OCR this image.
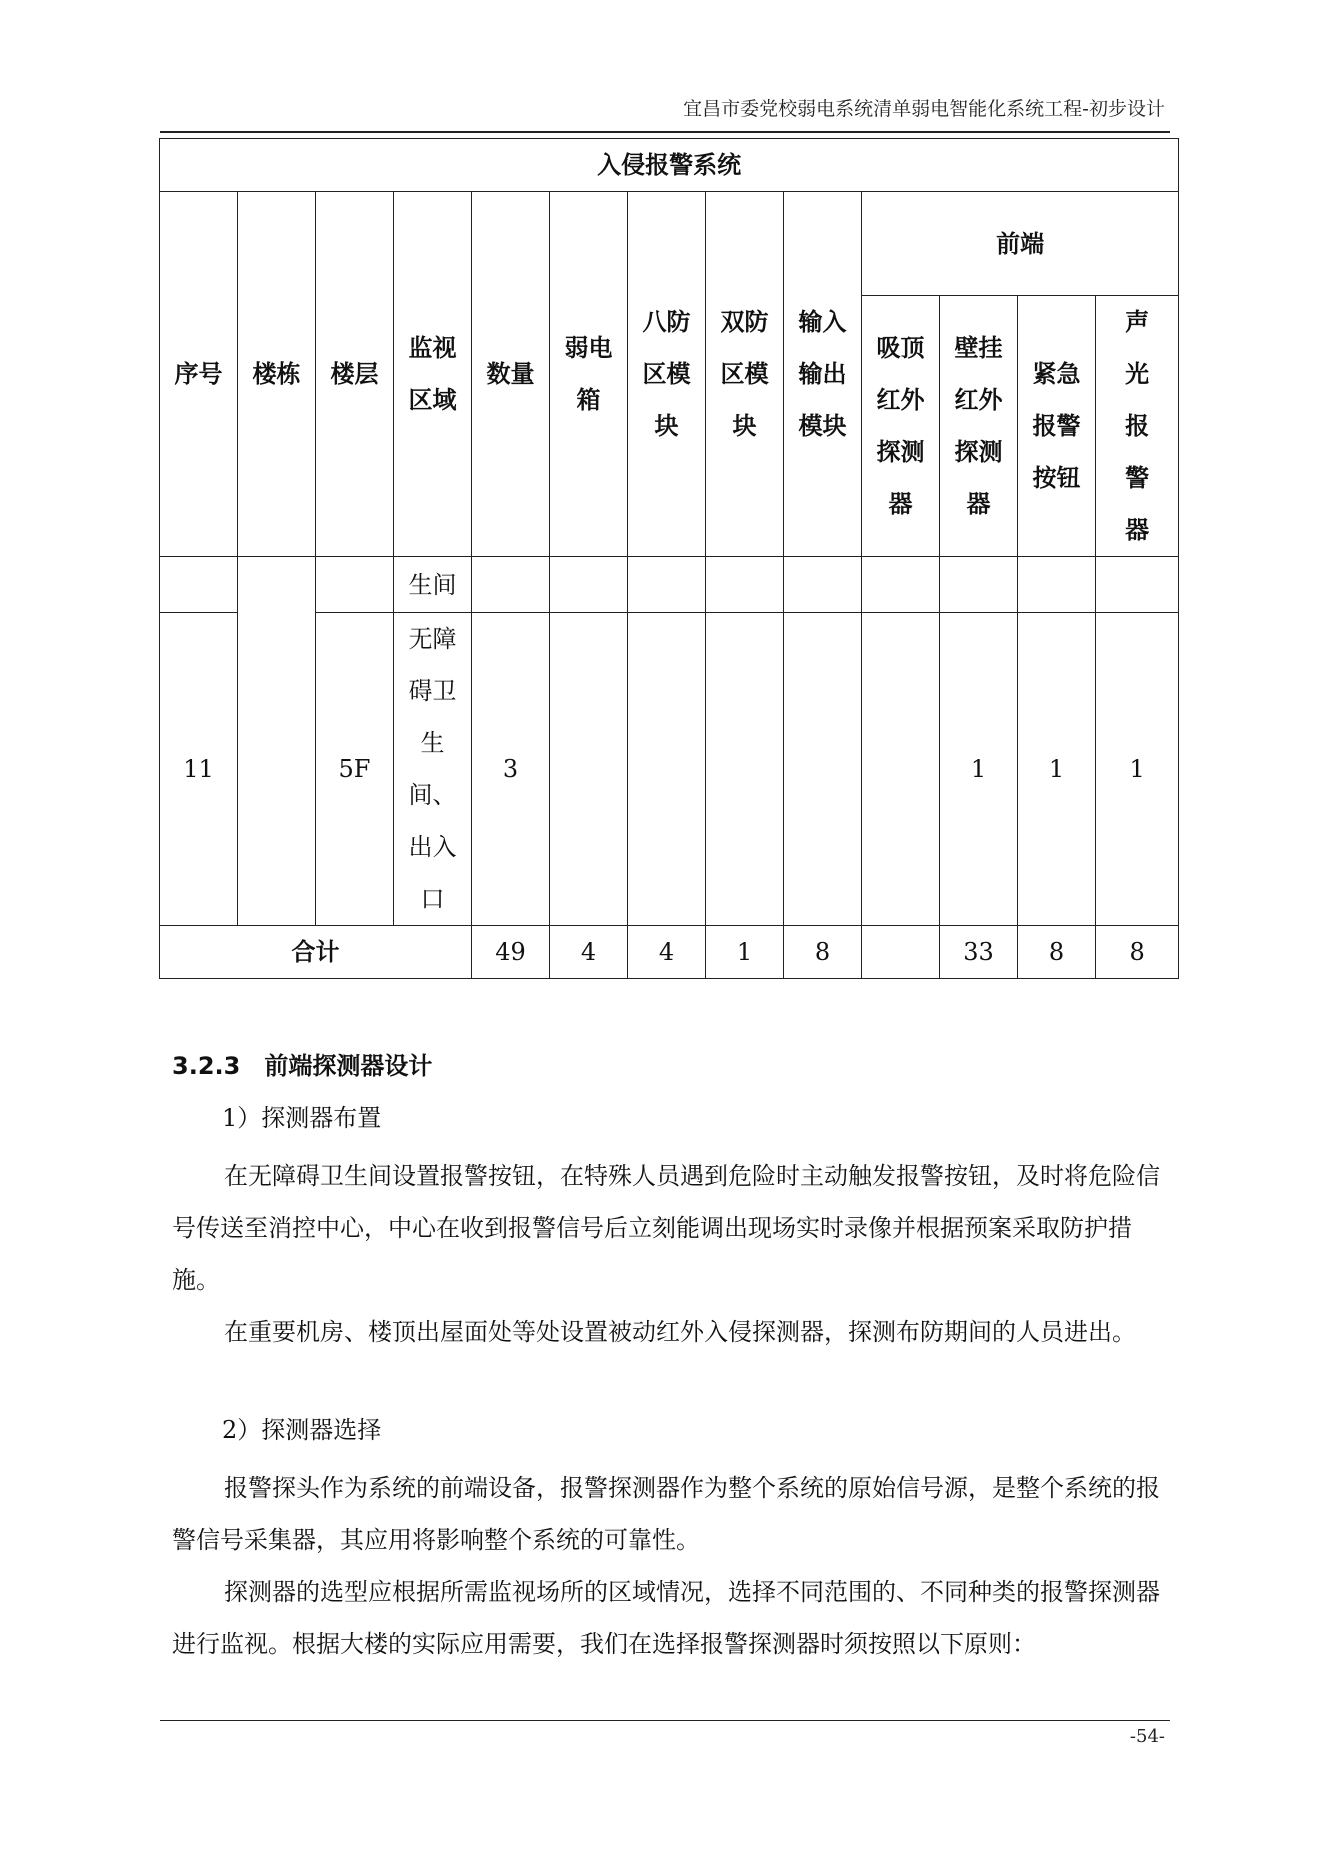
宜昌市委党校弱电系统清单弱电智能化系统工程-初步设计
入侵报警系统												
序号	楼栋	楼层	监视区域	数量	弱电箱	八防区模块	双防区模块	输入输出模块	前端			
									吸顶红外探测器	壁挂红外探测器	紧急报警按钮	声光报警器
			生间									
11		5F	无障碍卫生间、出入口	3						1	1	1
合计				49	4	4	1	8		33	8	8
3.2.3　前端探测器设计
1）探测器布置
在无障碍卫生间设置报警按钮，在特殊人员遇到危险时主动触发报警按钮，及时将危险信号传送至消控中心，中心在收到报警信号后立刻能调出现场实时录像并根据预案采取防护措施。
在重要机房、楼顶出屋面处等处设置被动红外入侵探测器，探测布防期间的人员进出。
2）探测器选择
报警探头作为系统的前端设备，报警探测器作为整个系统的原始信号源，是整个系统的报警信号采集器，其应用将影响整个系统的可靠性。
探测器的选型应根据所需监视场所的区域情况，选择不同范围的、不同种类的报警探测器进行监视。根据大楼的实际应用需要，我们在选择报警探测器时须按照以下原则：
-54-
